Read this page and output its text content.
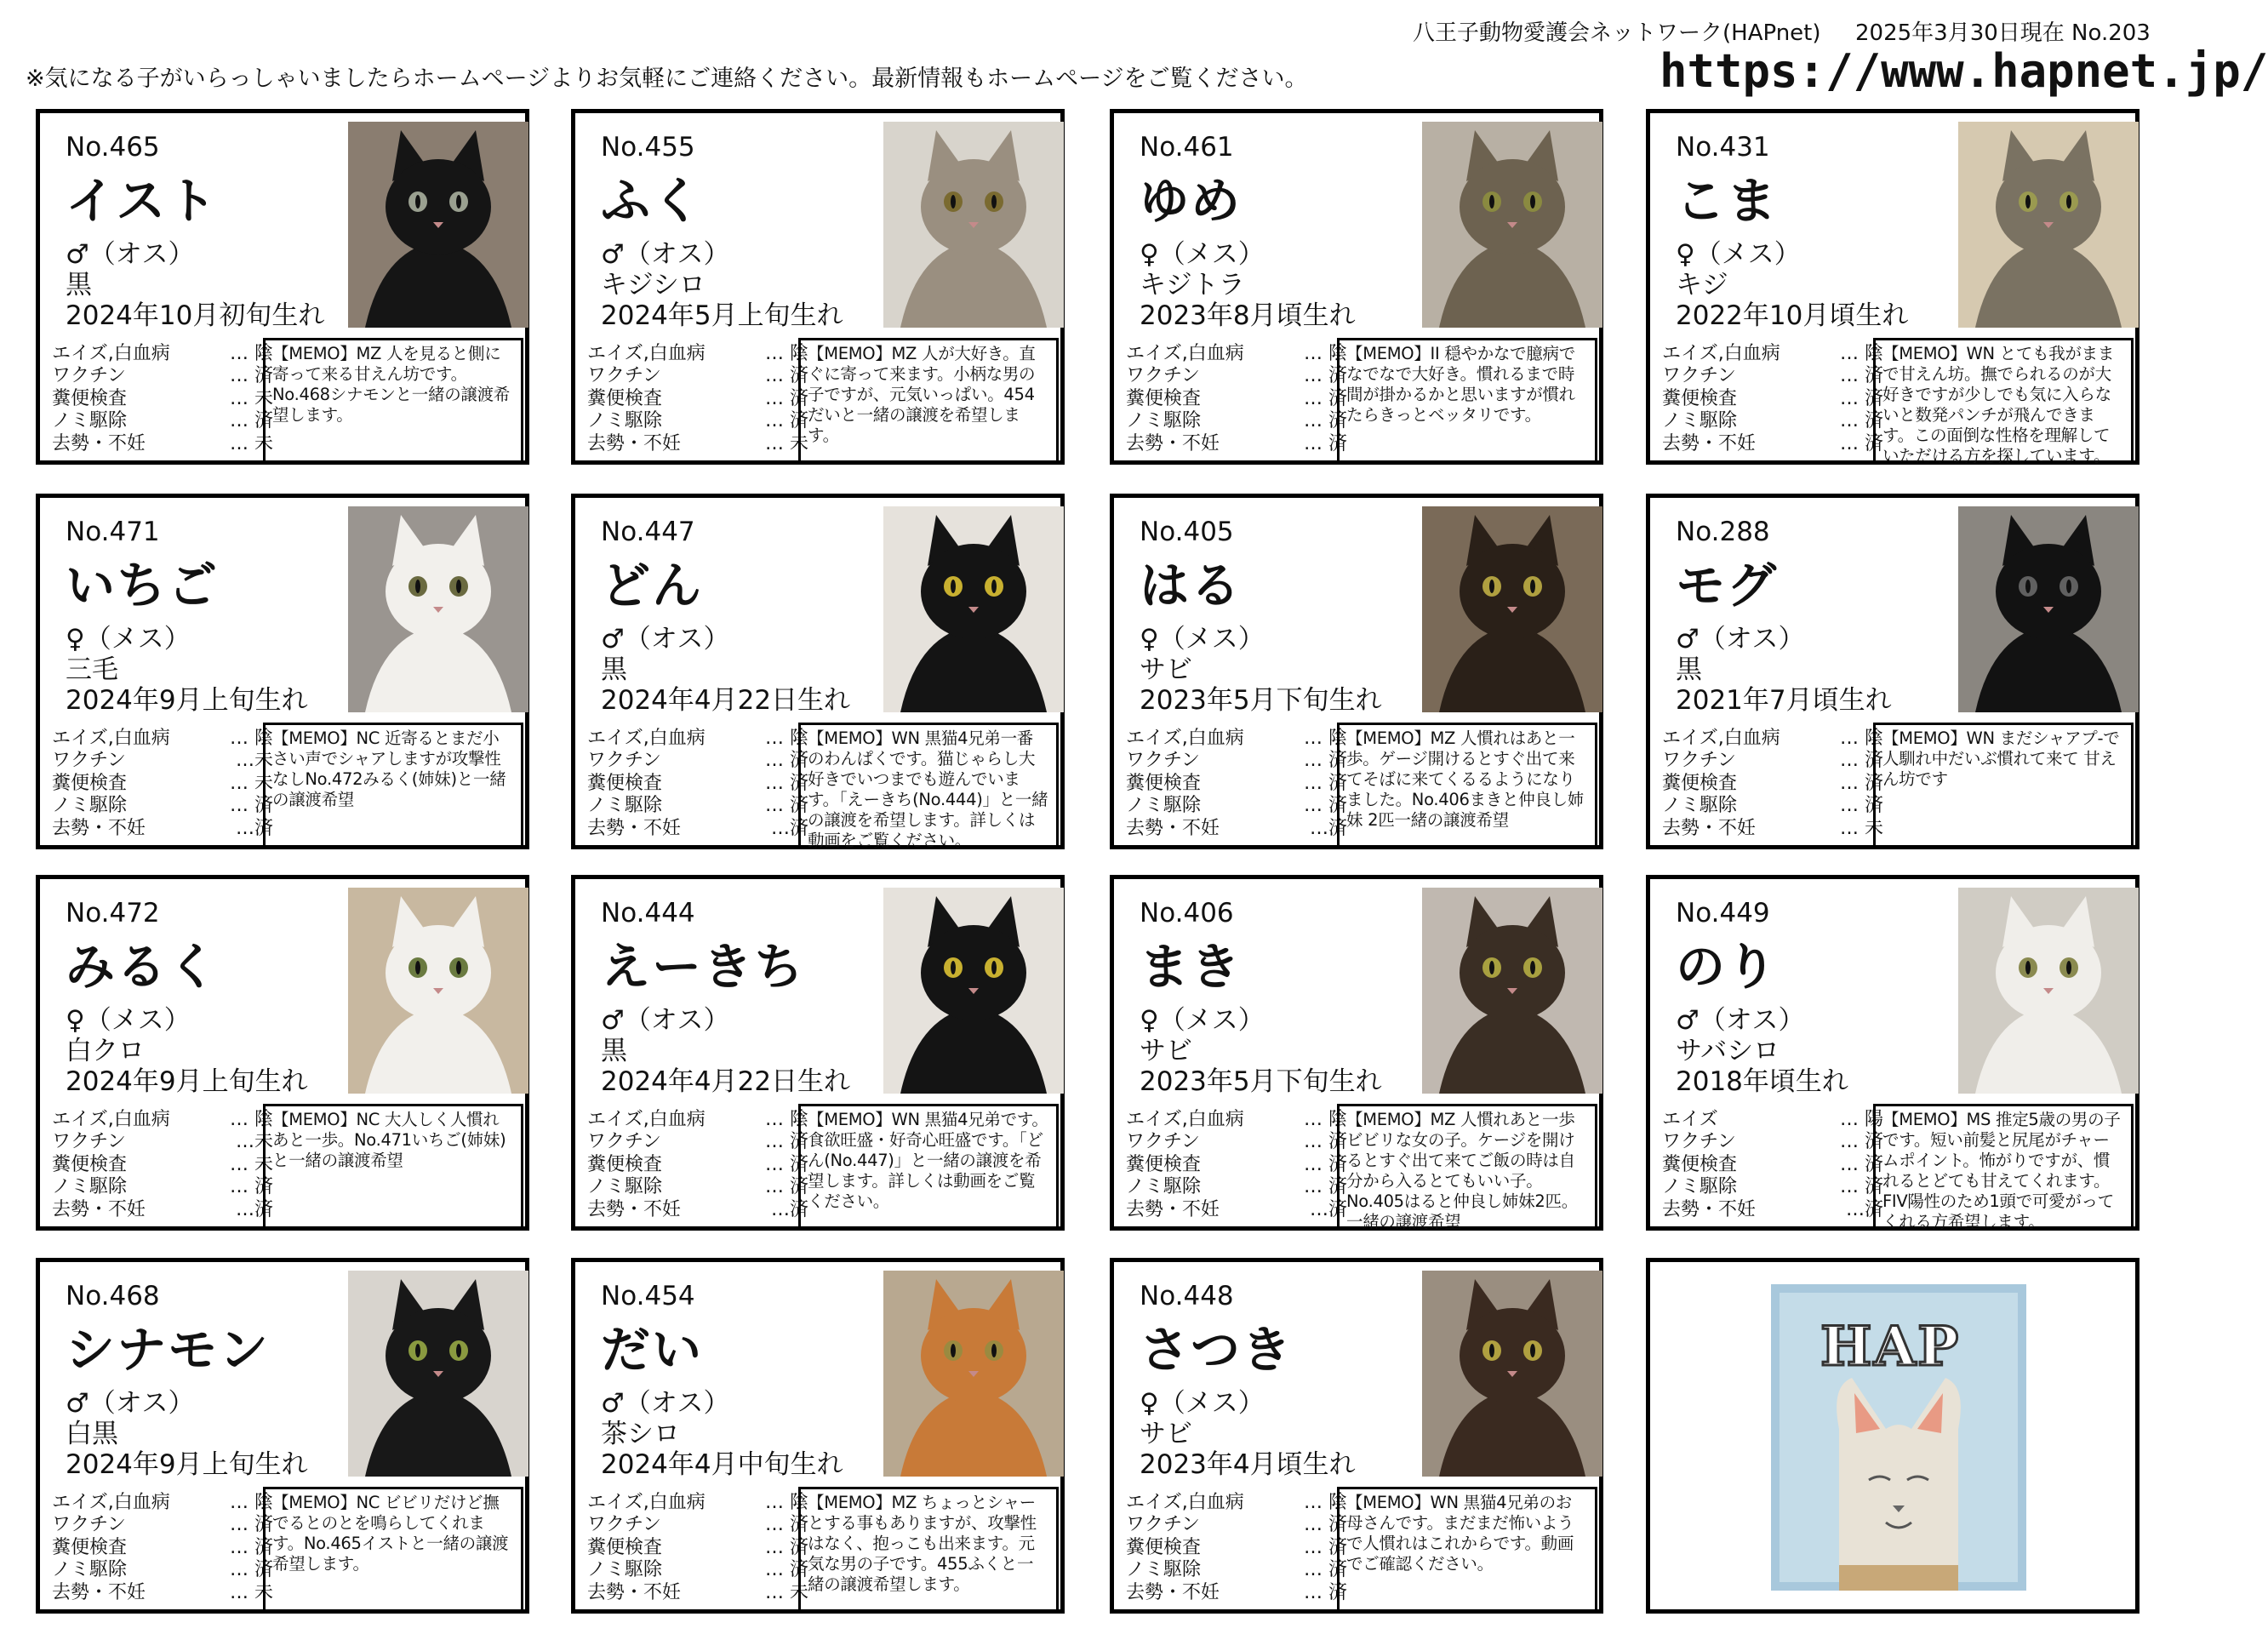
八王子動物愛護会ネットワーク(HAPnet) 2025年3月30日現在 No.203
※気になる子がいらっしゃいましたらホームページよりお気軽にご連絡ください。最新情報もホームページをご覧ください。	https://www.hapnet.jp/
No.465
イスト
♂（オス）
黒
2024年10月初旬生れ
エイズ,白血病	… 陰
ワクチン	… 済
糞便検査	… 未
ノミ駆除	… 済
去勢・不妊	… 未
【MEMO】MZ 人を見ると側に寄って来る甘えん坊です。No.468シナモンと一緒の譲渡希望します。
No.455
ふく
♂（オス）
キジシロ
2024年5月上旬生れ
エイズ,白血病	… 陰
ワクチン	… 済
糞便検査	… 済
ノミ駆除	… 済
去勢・不妊	… 未
【MEMO】MZ 人が大好き。直ぐに寄って来ます。小柄な男の子ですが、元気いっぱい。454だいと一緒の譲渡を希望します。
No.461
ゆめ
♀（メス）
キジトラ
2023年8月頃生れ
エイズ,白血病	… 陰
ワクチン	… 済
糞便検査	… 済
ノミ駆除	… 済
去勢・不妊	… 済
【MEMO】II 穏やかなで臆病でなでなで大好き。慣れるまで時間が掛かるかと思いますが慣れたらきっとベッタリです。
No.431
こま
♀（メス）
キジ
2022年10月頃生れ
エイズ,白血病	… 陰
ワクチン	… 済
糞便検査	… 済
ノミ駆除	… 済
去勢・不妊	… 済
【MEMO】WN とても我がままで甘えん坊。撫でられるのが大好きですが少しでも気に入らないと数発パンチが飛んできます。この面倒な性格を理解していただける方を探しています。
No.471
いちご
♀（メス）
三毛
2024年9月上旬生れ
エイズ,白血病	… 陰
ワクチン	…未
糞便検査	… 未
ノミ駆除	… 済
去勢・不妊	…済
【MEMO】NC 近寄るとまだ小さい声でシャアしますが攻撃性なしNo.472みるく(姉妹)と一緒の譲渡希望
No.447
どん
♂（オス）
黒
2024年4月22日生れ
エイズ,白血病	… 陰
ワクチン	… 済
糞便検査	… 済
ノミ駆除	… 済
去勢・不妊	…済
【MEMO】WN 黒猫4兄弟一番のわんぱくです。猫じゃらし大好きでいつまでも遊んでいます。「えーきち(No.444)」と一緒の譲渡を希望します。詳しくは動画をご覧ください。
No.405
はる
♀（メス）
サビ
2023年5月下旬生れ
エイズ,白血病	… 陰
ワクチン	… 済
糞便検査	… 済
ノミ駆除	… 済
去勢・不妊	…済
【MEMO】MZ 人慣れはあと一歩。ゲージ開けるとすぐ出て来てそばに来てくるるようになりました。No.406まきと仲良し姉妹 2匹一緒の譲渡希望
No.288
モグ
♂（オス）
黒
2021年7月頃生れ
エイズ,白血病	… 陰
ワクチン	… 済
糞便検査	… 済
ノミ駆除	… 済
去勢・不妊	… 未
【MEMO】WN まだシャアプ-で人馴れ中だいぶ慣れて来て 甘えん坊です
No.472
みるく
♀（メス）
白クロ
2024年9月上旬生れ
エイズ,白血病	… 陰
ワクチン	…未
糞便検査	… 未
ノミ駆除	… 済
去勢・不妊	…済
【MEMO】NC 大人しく人慣れあと一歩。No.471いちご(姉妹)と一緒の譲渡希望
No.444
えーきち
♂（オス）
黒
2024年4月22日生れ
エイズ,白血病	… 陰
ワクチン	… 済
糞便検査	… 済
ノミ駆除	… 済
去勢・不妊	…済
【MEMO】WN 黒猫4兄弟です。食欲旺盛・好奇心旺盛です。「どん(No.447)」と一緒の譲渡を希望します。詳しくは動画をご覧ください。
No.406
まき
♀（メス）
サビ
2023年5月下旬生れ
エイズ,白血病	… 陰
ワクチン	… 済
糞便検査	… 済
ノミ駆除	… 済
去勢・不妊	…済
【MEMO】MZ 人慣れあと一歩ビビリな女の子。ケージを開けるとすぐ出て来てご飯の時は自分から入るとてもいい子。No.405はると仲良し姉妹2匹。一緒の譲渡希望
No.449
のり
♂（オス）
サバシロ
2018年頃生れ
エイズ	… 陽
ワクチン	… 済
糞便検査	… 済
ノミ駆除	… 済
去勢・不妊	…済
【MEMO】MS 推定5歳の男の子です。短い前髪と尻尾がチャームポイント。怖がりですが、慣れるとどても甘えてくれます。FIV陽性のため1頭で可愛がってくれる方希望します。
No.468
シナモン
♂（オス）
白黒
2024年9月上旬生れ
エイズ,白血病	… 陰
ワクチン	… 済
糞便検査	… 済
ノミ駆除	… 済
去勢・不妊	… 未
【MEMO】NC ビビリだけど撫でるとのとを鳴らしてくれます。No.465イストと一緒の譲渡希望します。
No.454
だい
♂（オス）
茶シロ
2024年4月中旬生れ
エイズ,白血病	… 陰
ワクチン	… 済
糞便検査	… 済
ノミ駆除	… 済
去勢・不妊	… 未
【MEMO】MZ ちょっとシャーとする事もありますが、攻撃性はなく、抱っこも出来ます。元気な男の子です。455ふくと一緒の譲渡希望します。
No.448
さつき
♀（メス）
サビ
2023年4月頃生れ
エイズ,白血病	… 陰
ワクチン	… 済
糞便検査	… 済
ノミ駆除	… 済
去勢・不妊	… 済
【MEMO】WN 黒猫4兄弟のお母さんです。まだまだ怖いようで人慣れはこれからです。動画でご確認ください。
HAP
